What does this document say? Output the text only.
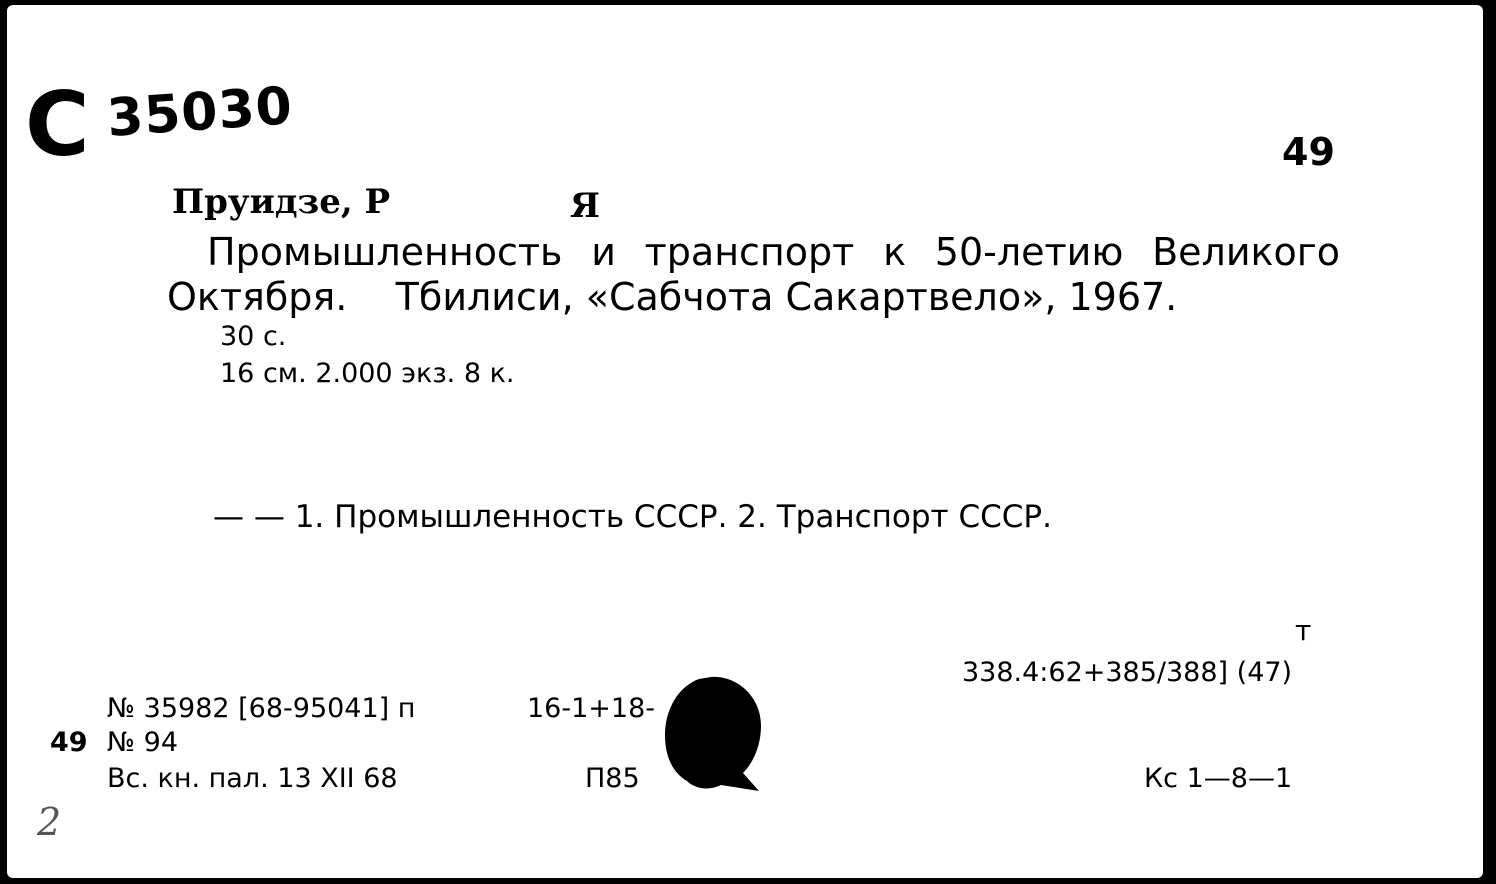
С 35030
49
Пруидзе, Р	Я
Промышленность и транспорт к 50-летию Великого
Октября.    Тбилиси, «Сабчота Сакартвело», 1967.
30 с.
16 см. 2.000 экз. 8 к.
— — 1. Промышленность СССР. 2. Транспорт СССР.
т
338.4:62+385/388] (47)
№ 35982 [68-95041] п	16-1+18-
49 № 94
Вс. кн. пал. 13 XII 68	П85	Кс 1—8—1
2
